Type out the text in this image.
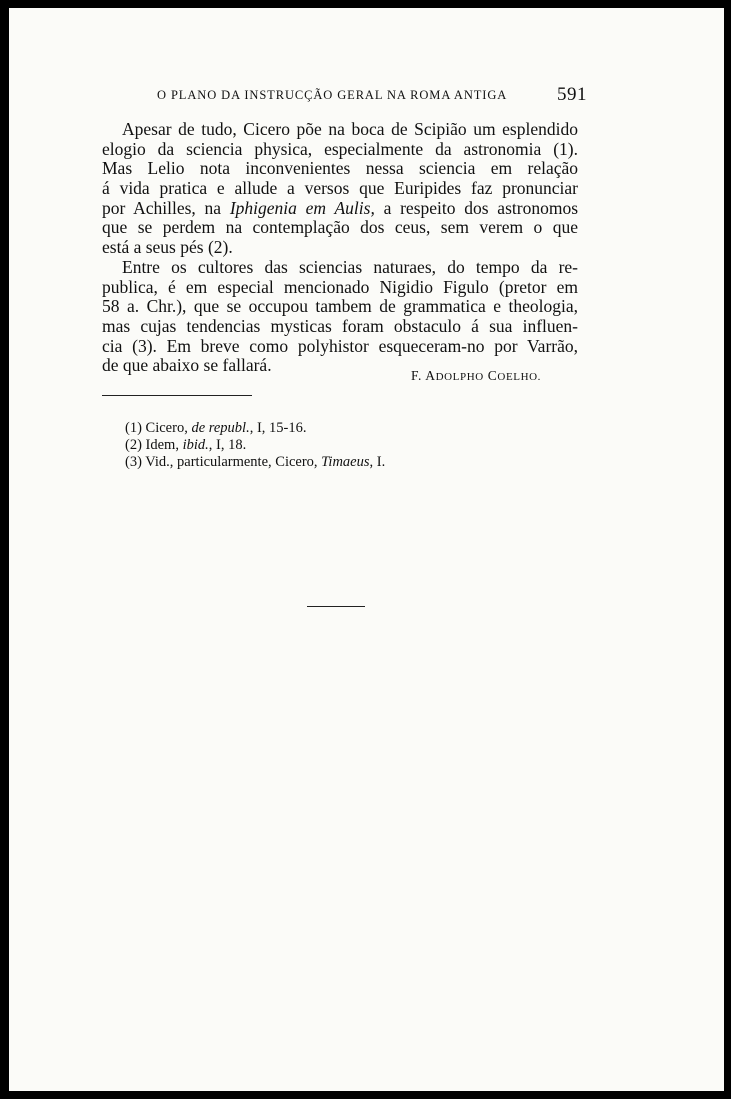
O PLANO DA INSTRUCÇÃO GERAL NA ROMA ANTIGA	591
Apesar de tudo, Cicero põe na boca de Scipião um esplendido
elogio da sciencia physica, especialmente da astronomia (1).
Mas Lelio nota inconvenientes nessa sciencia em relação
á vida pratica e allude a versos que Euripides faz pronunciar
por Achilles, na Iphigenia em Aulis, a respeito dos astronomos
que se perdem na contemplação dos ceus, sem verem o que
está a seus pés (2).
Entre os cultores das sciencias naturaes, do tempo da re-
publica, é em especial mencionado Nigidio Figulo (pretor em
58 a. Chr.), que se occupou tambem de grammatica e theologia,
mas cujas tendencias mysticas foram obstaculo á sua influen-
cia (3). Em breve como polyhistor esqueceram-no por Varrão,
de que abaixo se fallará.
F. ADOLPHO COELHO.
(1) Cicero, de republ., I, 15-16.
(2) Idem, ibid., I, 18.
(3) Vid., particularmente, Cicero, Timaeus, I.
